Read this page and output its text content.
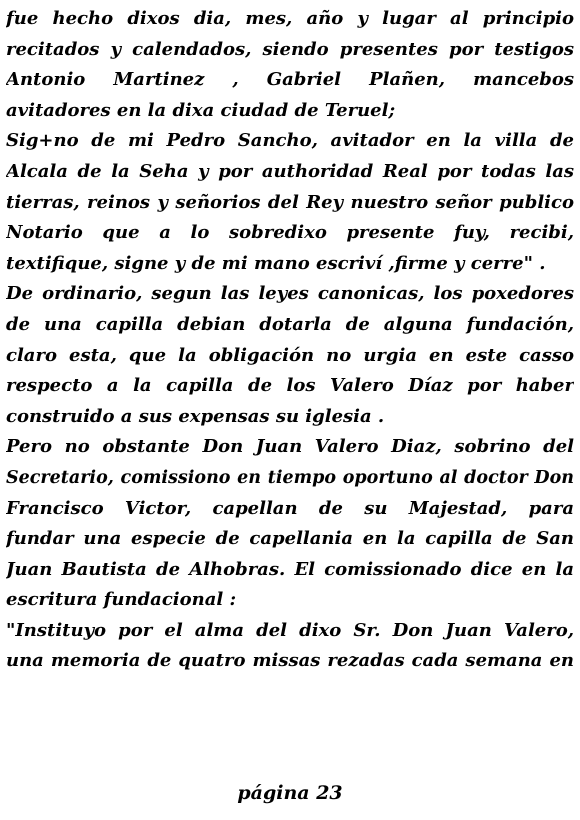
fue hecho dixos dia, mes, año y lugar al principio
recitados y calendados, siendo presentes por testigos
Antonio Martinez , Gabriel Plañen, mancebos
avitadores en la dixa ciudad de Teruel;
Sig+no de mi Pedro Sancho, avitador en la villa de
Alcala de la Seha y por authoridad Real por todas las
tierras, reinos y señorios del Rey nuestro señor publico
Notario que a lo sobredixo presente fuy, recibi,
textifique, signe y de mi mano escriví ,firme y cerre" .
De ordinario, segun las leyes canonicas, los poxedores
de una capilla debian dotarla de alguna fundación,
claro esta, que la obligación no urgia en este casso
respecto a la capilla de los Valero Díaz por haber
construido a sus expensas su iglesia .
Pero no obstante Don Juan Valero Diaz, sobrino del
Secretario, comissiono en tiempo oportuno al doctor Don
Francisco Victor, capellan de su Majestad, para
fundar una especie de capellania en la capilla de San
Juan Bautista de Alhobras. El comissionado dice en la
escritura fundacional :
"Instituyo por el alma del dixo Sr. Don Juan Valero,
una memoria de quatro missas rezadas cada semana en
página 23
